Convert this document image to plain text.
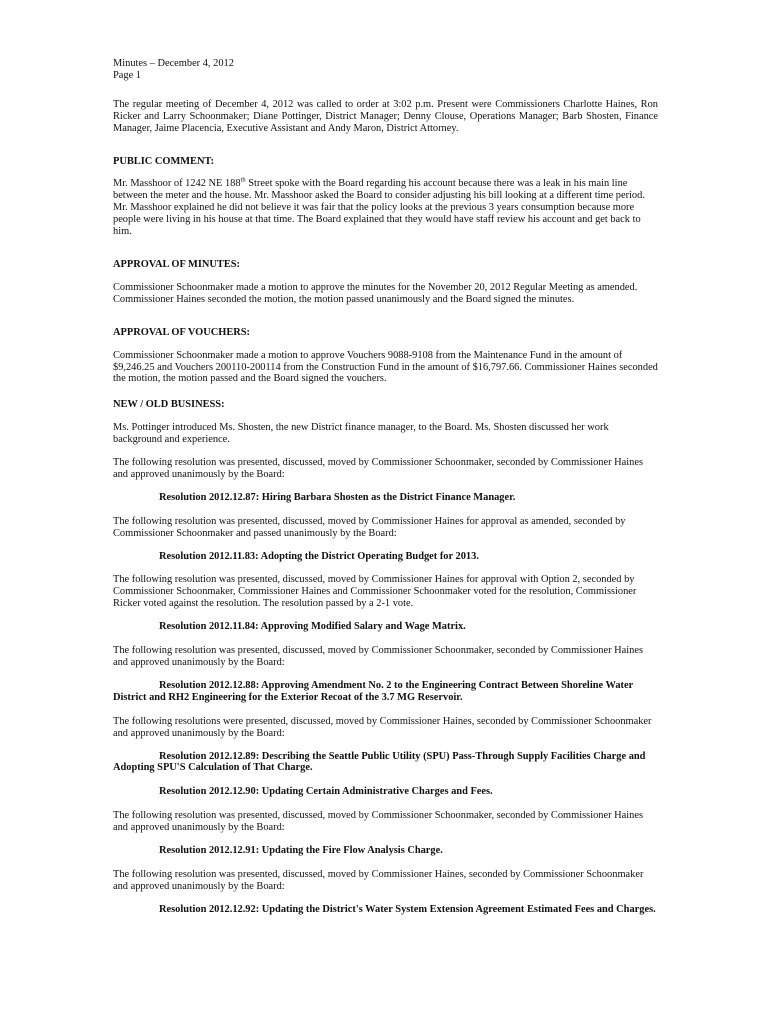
Minutes – December 4, 2012
Page 1

The regular meeting of December 4, 2012 was called to order at 3:02 p.m. Present were Commissioners Charlotte Haines, Ron Ricker and Larry Schoonmaker; Diane Pottinger, District Manager; Denny Clouse, Operations Manager; Barb Shosten, Finance Manager, Jaime Placencia, Executive Assistant and Andy Maron, District Attorney.

PUBLIC COMMENT:

Mr. Masshoor of 1242 NE 188th Street spoke with the Board regarding his account because there was a leak in his main line between the meter and the house. Mr. Masshoor asked the Board to consider adjusting his bill looking at a different time period. Mr. Masshoor explained he did not believe it was fair that the policy looks at the previous 3 years consumption because more people were living in his house at that time. The Board explained that they would have staff review his account and get back to him.

APPROVAL OF MINUTES:

Commissioner Schoonmaker made a motion to approve the minutes for the November 20, 2012 Regular Meeting as amended. Commissioner Haines seconded the motion, the motion passed unanimously and the Board signed the minutes.

APPROVAL OF VOUCHERS:

Commissioner Schoonmaker made a motion to approve Vouchers 9088-9108 from the Maintenance Fund in the amount of $9,246.25 and Vouchers 200110-200114 from the Construction Fund in the amount of $16,797.66. Commissioner Haines seconded the motion, the motion passed and the Board signed the vouchers.

NEW / OLD BUSINESS:

Ms. Pottinger introduced Ms. Shosten, the new District finance manager, to the Board. Ms. Shosten discussed her work background and experience.

The following resolution was presented, discussed, moved by Commissioner Schoonmaker, seconded by Commissioner Haines and approved unanimously by the Board:

Resolution 2012.12.87: Hiring Barbara Shosten as the District Finance Manager.

The following resolution was presented, discussed, moved by Commissioner Haines for approval as amended, seconded by Commissioner Schoonmaker and passed unanimously by the Board:

Resolution 2012.11.83: Adopting the District Operating Budget for 2013.

The following resolution was presented, discussed, moved by Commissioner Haines for approval with Option 2, seconded by Commissioner Schoonmaker, Commissioner Haines and Commissioner Schoonmaker voted for the resolution, Commissioner Ricker voted against the resolution. The resolution passed by a 2-1 vote.

Resolution 2012.11.84: Approving Modified Salary and Wage Matrix.

The following resolution was presented, discussed, moved by Commissioner Schoonmaker, seconded by Commissioner Haines and approved unanimously by the Board:

Resolution 2012.12.88: Approving Amendment No. 2 to the Engineering Contract Between Shoreline Water District and RH2 Engineering for the Exterior Recoat of the 3.7 MG Reservoir.

The following resolutions were presented, discussed, moved by Commissioner Haines, seconded by Commissioner Schoonmaker and approved unanimously by the Board:

Resolution 2012.12.89: Describing the Seattle Public Utility (SPU) Pass-Through Supply Facilities Charge and Adopting SPU'S Calculation of That Charge.

Resolution 2012.12.90: Updating Certain Administrative Charges and Fees.

The following resolution was presented, discussed, moved by Commissioner Schoonmaker, seconded by Commissioner Haines and approved unanimously by the Board:

Resolution 2012.12.91: Updating the Fire Flow Analysis Charge.

The following resolution was presented, discussed, moved by Commissioner Haines, seconded by Commissioner Schoonmaker and approved unanimously by the Board:

Resolution 2012.12.92: Updating the District's Water System Extension Agreement Estimated Fees and Charges.
